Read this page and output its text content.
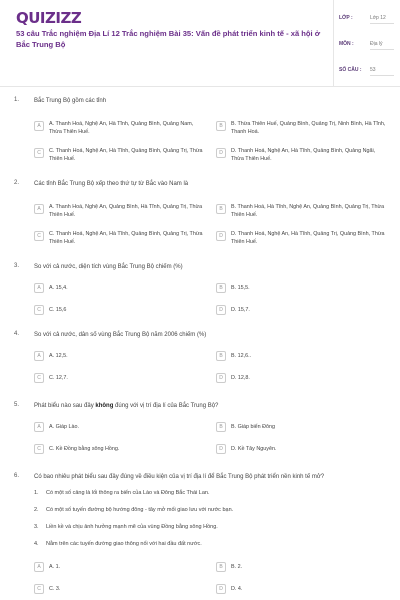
QUIZIZZ
53 câu Trắc nghiệm Địa Lí 12 Trắc nghiệm Bài 35: Vấn đề phát triển kinh tế - xã hội ở Bắc Trung Bộ
LỚP :	Lớp 12
MÔN :	Địa lý
SỐ CÂU : 53
1. Bắc Trung Bộ gồm các tỉnh
A	A. Thanh Hoá, Nghệ An, Hà Tĩnh, Quảng Bình, Quảng Nam, Thừa Thiên Huế.
B	B. Thừa Thiên Huế, Quảng Bình, Quảng Trị, Ninh Bình, Hà Tĩnh, Thanh Hoá.
C	C. Thanh Hoá, Nghệ An, Hà Tĩnh, Quảng Bình, Quảng Trị, Thừa Thiên Huế.
D	D. Thanh Hoá, Nghệ An, Hà Tĩnh, Quảng Bình, Quảng Ngãi, Thừa Thiên Huế.
2. Các tỉnh Bắc Trung Bộ xếp theo thứ tự từ Bắc vào Nam là
A	A. Thanh Hoá, Nghệ An, Quảng Bình, Hà Tĩnh, Quảng Trị, Thừa Thiên Huế.
B	B. Thanh Hoá, Hà Tĩnh, Nghệ An, Quảng Bình, Quảng Trị, Thừa Thiên Huế.
C	C. Thanh Hoá, Nghệ An, Hà Tĩnh, Quảng Bình, Quảng Trị, Thừa Thiên Huế.
D	D. Thanh Hoá, Nghệ An, Hà Tĩnh, Quảng Trị, Quảng Bình, Thừa Thiên Huế.
3. So với cả nước, diện tích vùng Bắc Trung Bộ chiếm (%)
A	A. 15,4.	B	B. 15,5.
C	C. 15,6	D	D. 15,7.
4. So với cả nước, dân số vùng Bắc Trung Bộ năm 2006 chiếm (%)
A	A. 12,5.	B	B. 12,6..
C	C. 12,7.	D	D. 12,8.
5. Phát biểu nào sau đây không đúng với vị trí địa lí của Bắc Trung Bộ?
A	A. Giáp Lào.	B	B. Giáp biển Đông
C	C. Kề Đồng bằng sông Hồng.	D	D. Kề Tây Nguyên.
6. Có bao nhiêu phát biểu sau đây đúng về điều kiện của vị trí địa lí để Bắc Trung Bộ phát triển nền kinh tế mở?
1. Có một số cảng là lối thông ra biển của Lào và Đông Bắc Thái Lan.
2. Có một số tuyến đường bộ hướng đông - tây mở mối giao lưu với nước bạn.
3. Liền kề và chịu ảnh hưởng mạnh mẽ của vùng Đồng bằng sông Hồng.
4. Nằm trên các tuyến đường giao thông nối với hai đầu đất nước.
A	A. 1.	B	B. 2.
C	C. 3.	D	D. 4.
